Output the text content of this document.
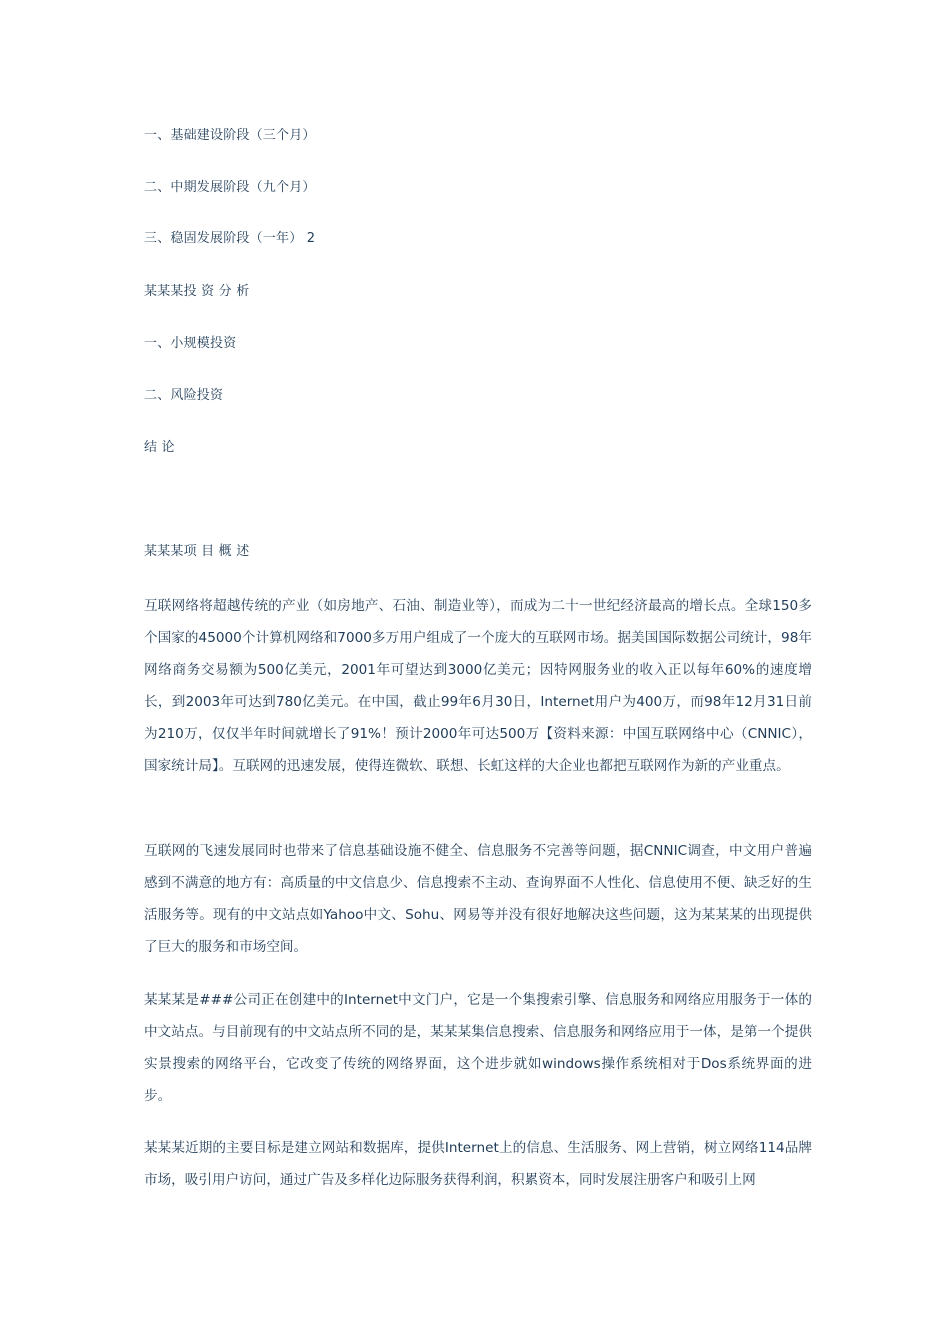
一、基础建设阶段（三个月）
二、中期发展阶段（九个月）
三、稳固发展阶段（一年） 2
某某某投 资 分 析
一、小规模投资
二、风险投资
结 论
某某某项 目 概 述

互联网络将超越传统的产业（如房地产、石油、制造业等），而成为二十一世纪经济最高的增长点。全球150多个国家的45000个计算机网络和7000多万用户组成了一个庞大的互联网市场。据美国国际数据公司统计，98年网络商务交易额为500亿美元，2001年可望达到3000亿美元；因特网服务业的收入正以每年60%的速度增长，到2003年可达到780亿美元。在中国，截止99年6月30日，Internet用户为400万，而98年12月31日前为210万，仅仅半年时间就增长了91%！预计2000年可达500万【资料来源：中国互联网络中心（CNNIC），国家统计局】。互联网的迅速发展，使得连微软、联想、长虹这样的大企业也都把互联网作为新的产业重点。

互联网的飞速发展同时也带来了信息基础设施不健全、信息服务不完善等问题，据CNNIC调查，中文用户普遍感到不满意的地方有：高质量的中文信息少、信息搜索不主动、查询界面不人性化、信息使用不便、缺乏好的生活服务等。现有的中文站点如Yahoo中文、Sohu、网易等并没有很好地解决这些问题，这为某某某的出现提供了巨大的服务和市场空间。

某某某是###公司正在创建中的Internet中文门户，它是一个集搜索引擎、信息服务和网络应用服务于一体的中文站点。与目前现有的中文站点所不同的是，某某某集信息搜索、信息服务和网络应用于一体，是第一个提供实景搜索的网络平台，它改变了传统的网络界面，这个进步就如windows操作系统相对于Dos系统界面的进步。

某某某近期的主要目标是建立网站和数据库，提供Internet上的信息、生活服务、网上营销，树立网络114品牌市场，吸引用户访问，通过广告及多样化边际服务获得利润，积累资本，同时发展注册客户和吸引上网
